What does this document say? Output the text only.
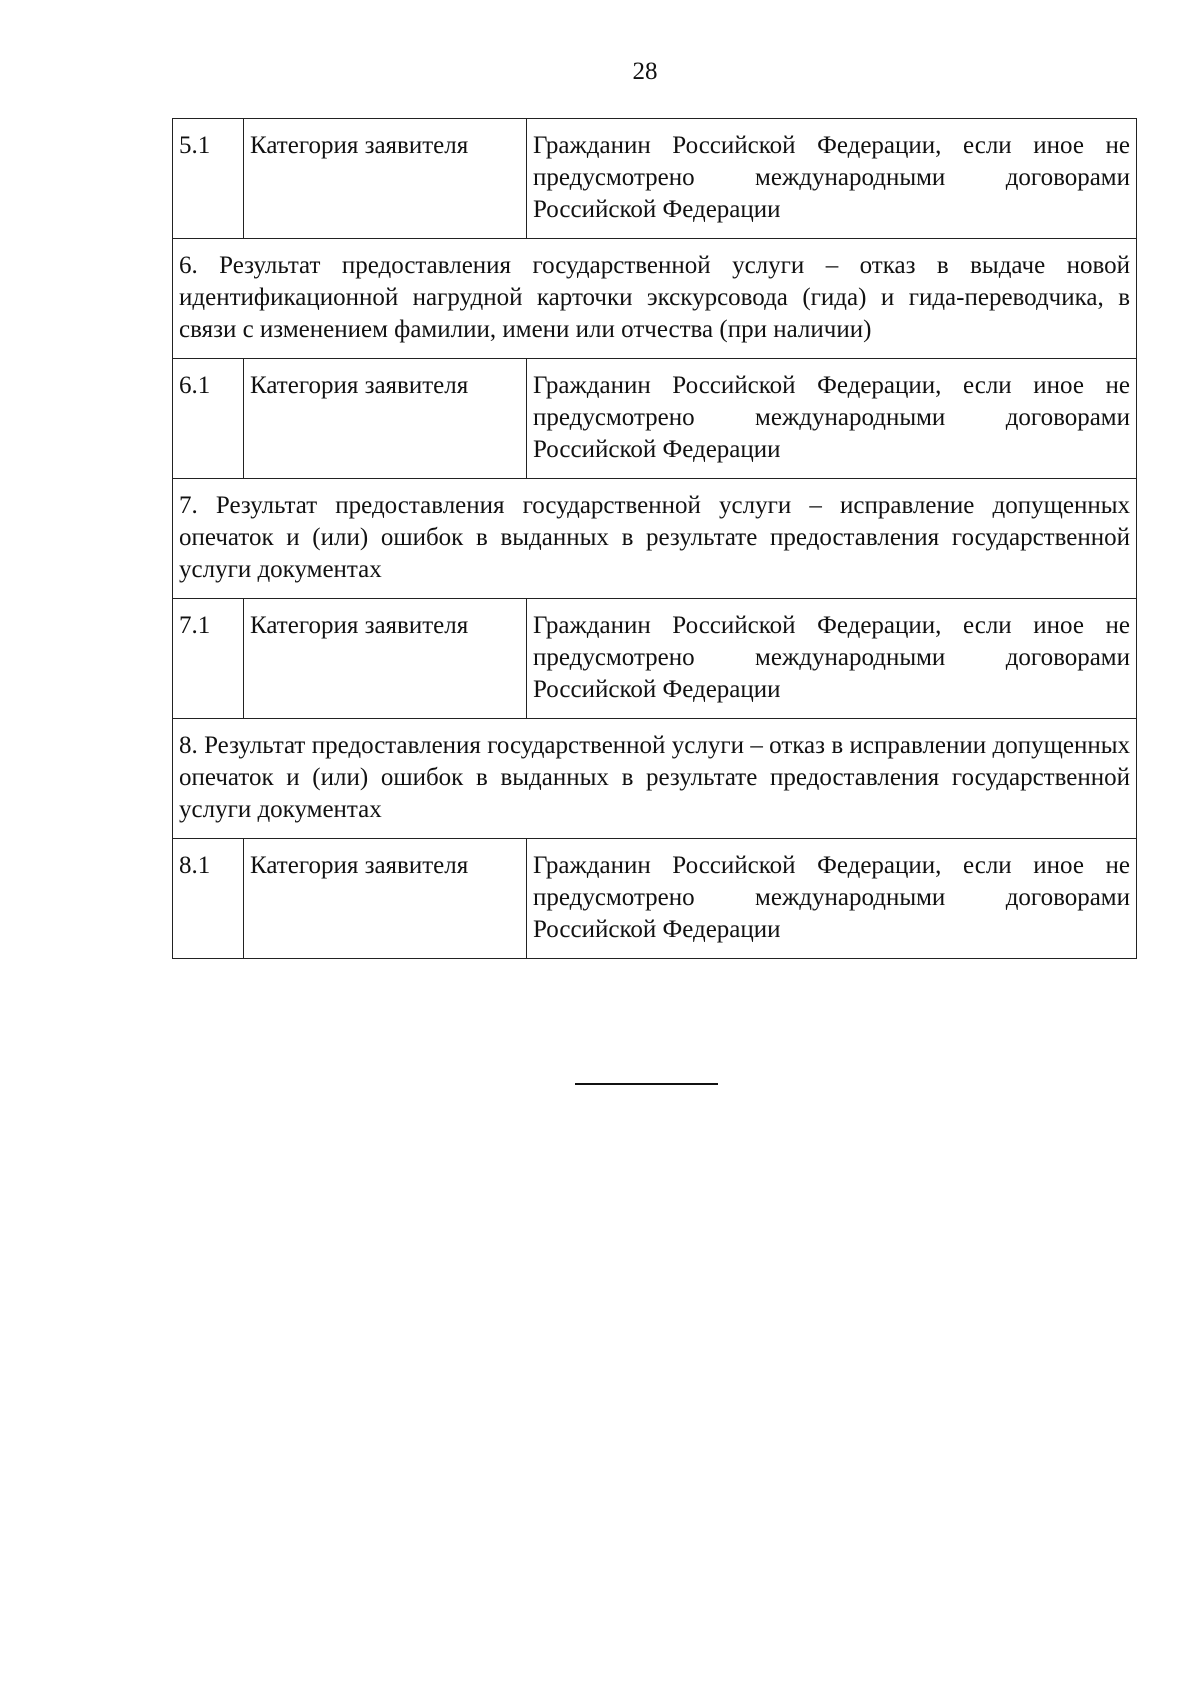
28
5.1	Категория заявителя	Гражданин Российской Федерации, если иное не предусмотрено международными договорами Российской Федерации
6. Результат предоставления государственной услуги – отказ в выдаче новой идентификационной нагрудной карточки экскурсовода (гида) и гида-переводчика, в связи с изменением фамилии, имени или отчества (при наличии)		
6.1	Категория заявителя	Гражданин Российской Федерации, если иное не предусмотрено международными договорами Российской Федерации
7. Результат предоставления государственной услуги – исправление допущенных опечаток и (или) ошибок в выданных в результате предоставления государственной услуги документах		
7.1	Категория заявителя	Гражданин Российской Федерации, если иное не предусмотрено международными договорами Российской Федерации
8. Результат предоставления государственной услуги – отказ в исправлении допущенных опечаток и (или) ошибок в выданных в результате предоставления государственной услуги документах		
8.1	Категория заявителя	Гражданин Российской Федерации, если иное не предусмотрено международными договорами Российской Федерации
